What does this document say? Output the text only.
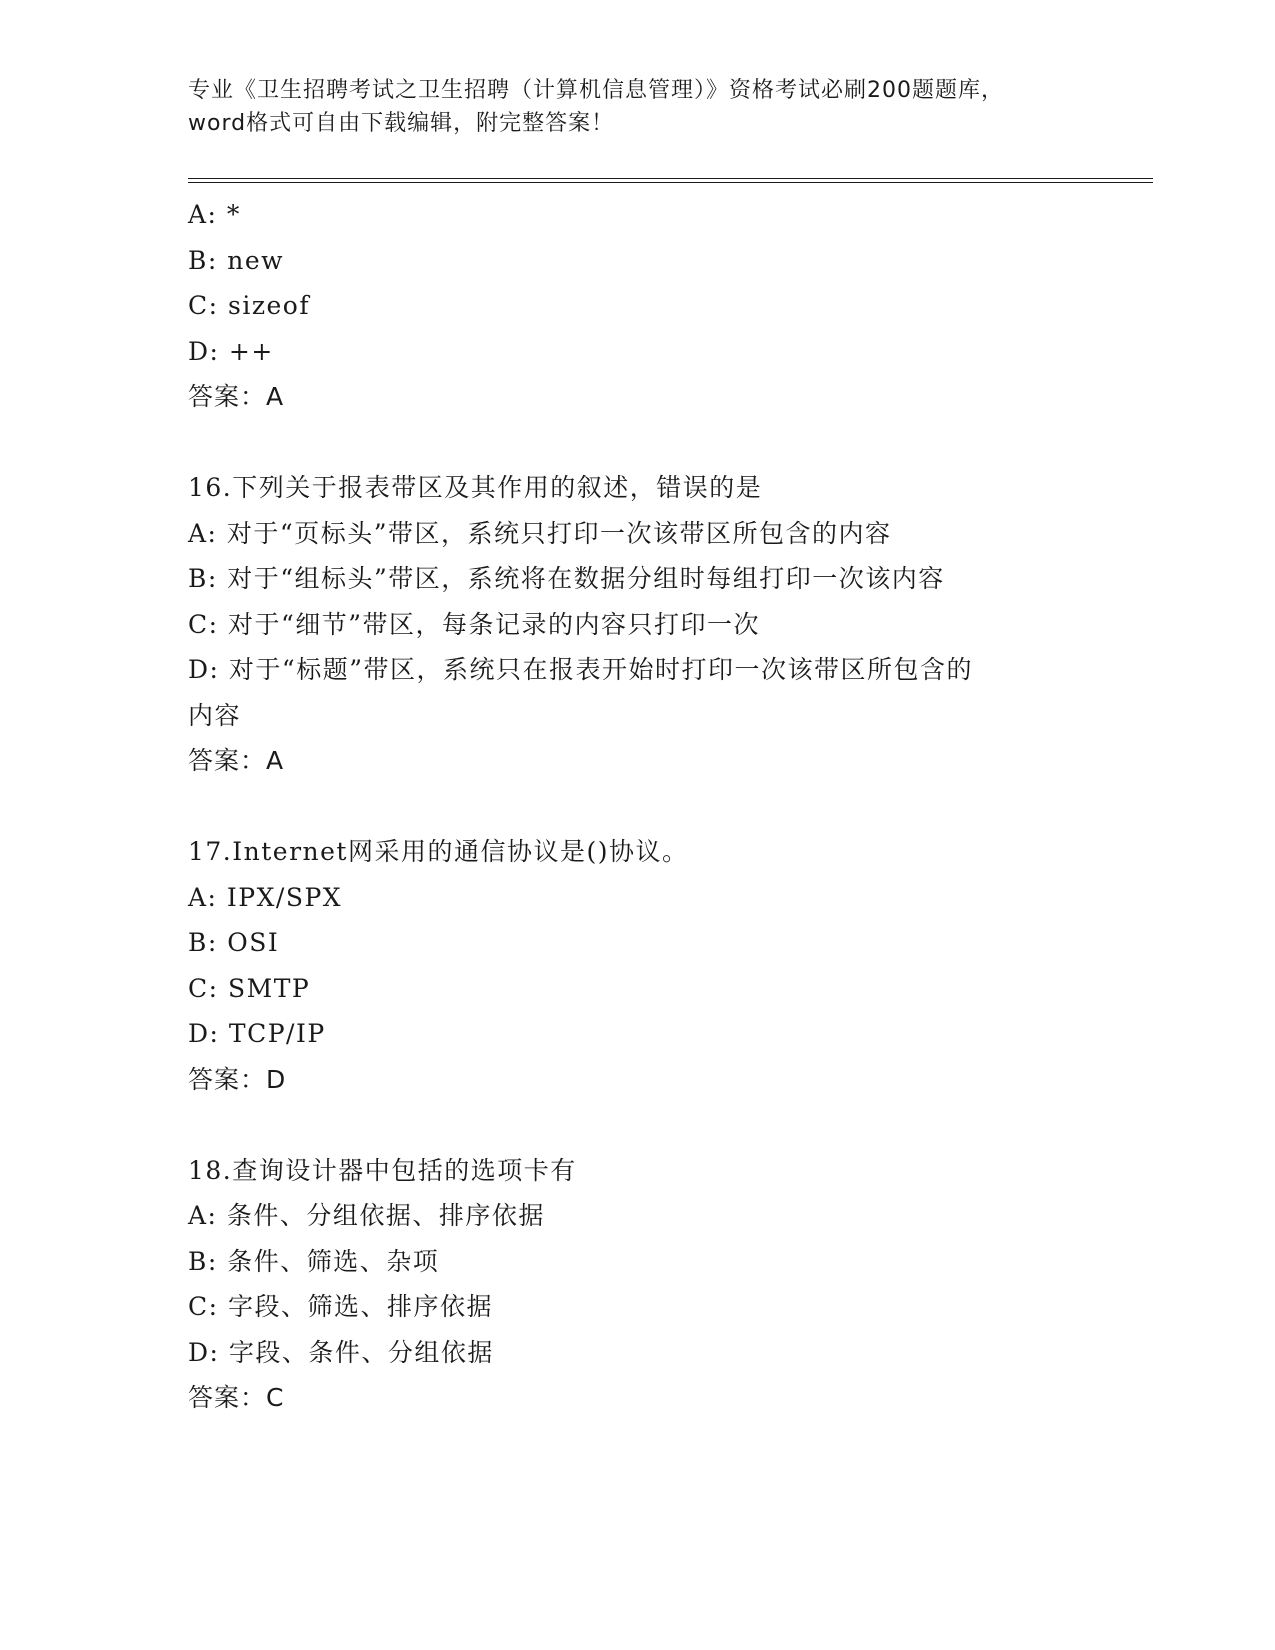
专业《卫生招聘考试之卫生招聘（计算机信息管理）》资格考试必刷200题题库，
word格式可自由下载编辑，附完整答案！
A: *
B: new
C: sizeof
D: ++
答案：A
16.下列关于报表带区及其作用的叙述，错误的是
A: 对于“页标头”带区，系统只打印一次该带区所包含的内容
B: 对于“组标头”带区，系统将在数据分组时每组打印一次该内容
C: 对于“细节”带区，每条记录的内容只打印一次
D: 对于“标题”带区，系统只在报表开始时打印一次该带区所包含的
内容
答案：A
17.Internet网采用的通信协议是()协议。
A: IPX/SPX
B: OSI
C: SMTP
D: TCP/IP
答案：D
18.查询设计器中包括的选项卡有
A: 条件、分组依据、排序依据
B: 条件、筛选、杂项
C: 字段、筛选、排序依据
D: 字段、条件、分组依据
答案：C
